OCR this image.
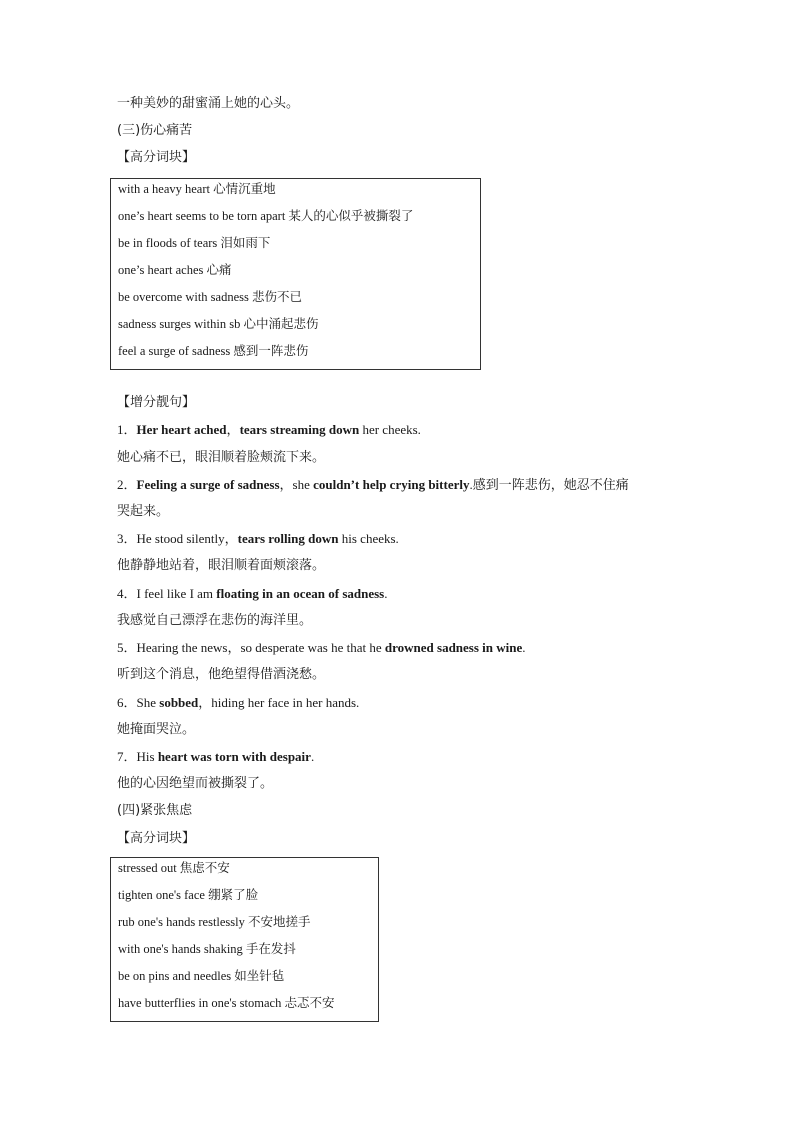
一种美妙的甜蜜涌上她的心头。
(三)伤心痛苦
【高分词块】
with a heavy heart 心情沉重地
one’s heart seems to be torn apart 某人的心似乎被撕裂了
be in floods of tears 泪如雨下
one’s heart aches 心痛
be overcome with sadness 悲伤不已
sadness surges within sb 心中涌起悲伤
feel a surge of sadness 感到一阵悲伤
【增分靓句】
1．Her heart ached，tears streaming down her cheeks.
她心痛不已，眼泪顺着脸颊流下来。
2．Feeling a surge of sadness，she couldn’t help crying bitterly.感到一阵悲伤，她忍不住痛
哭起来。
3．He stood silently，tears rolling down his cheeks.
他静静地站着，眼泪顺着面颊滚落。
4．I feel like I am floating in an ocean of sadness.
我感觉自己漂浮在悲伤的海洋里。
5．Hearing the news，so desperate was he that he drowned sadness in wine.
听到这个消息，他绝望得借酒浇愁。
6．She sobbed，hiding her face in her hands.
她掩面哭泣。
7．His heart was torn with despair.
他的心因绝望而被撕裂了。
(四)紧张焦虑
【高分词块】
stressed out 焦虑不安
tighten one's face 绷紧了脸
rub one's hands restlessly 不安地搓手
with one's hands shaking 手在发抖
be on pins and needles 如坐针毡
have butterflies in one's stomach 忐忑不安
